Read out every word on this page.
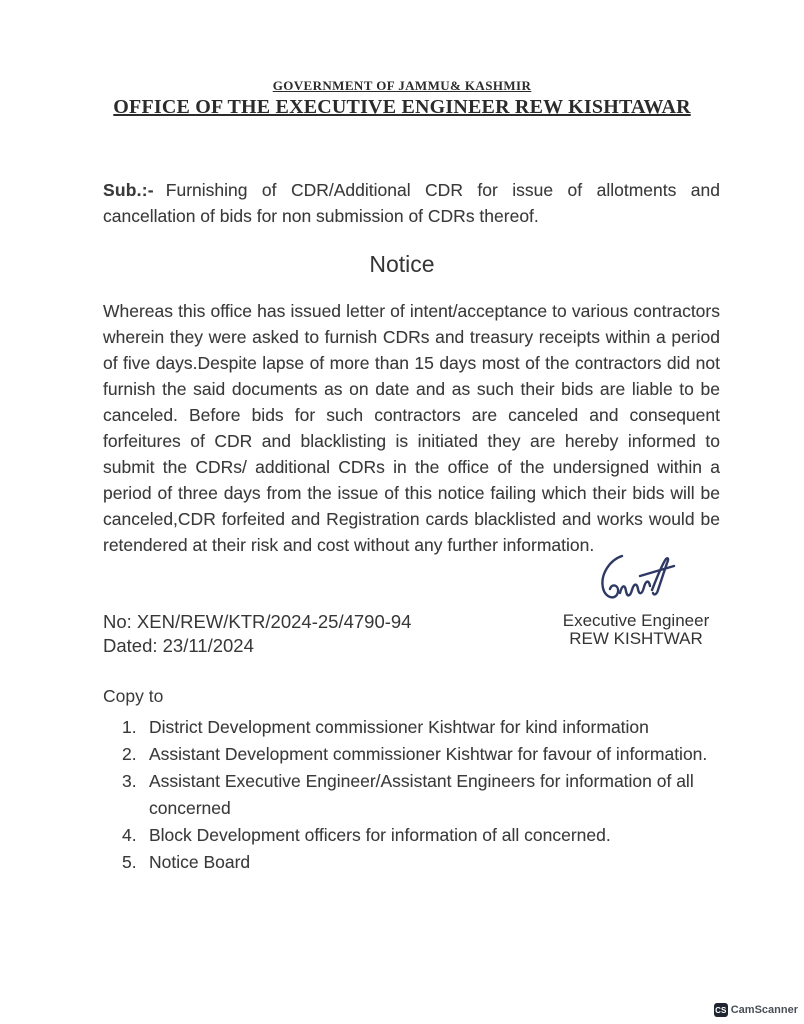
GOVERNMENT OF JAMMU& KASHMIR
OFFICE OF THE EXECUTIVE ENGINEER REW KISHTAWAR

Sub.:- Furnishing of CDR/Additional CDR for issue of allotments and cancellation of bids for non submission of CDRs thereof.

Notice

Whereas this office has issued letter of intent/acceptance to various contractors wherein they were asked to furnish CDRs and treasury receipts within a period of five days.Despite lapse of more than 15 days most of the contractors did not furnish the said documents as on date and as such their bids are liable to be canceled. Before bids for such contractors are canceled and consequent forfeitures of CDR and blacklisting is initiated they are hereby informed to submit the CDRs/ additional CDRs in the office of the undersigned within a period of three days from the issue of this notice failing which their bids will be canceled,CDR forfeited and Registration cards blacklisted and works would be retendered at their risk and cost without any further information.

Executive Engineer
REW KISHTWAR
No: XEN/REW/KTR/2024-25/4790-94
Dated: 23/11/2024
Copy to
1. District Development commissioner Kishtwar for kind information
2. Assistant Development commissioner Kishtwar for favour of information.
3. Assistant Executive Engineer/Assistant Engineers for information of all concerned
4. Block Development officers for information of all concerned.
5. Notice Board
CS CamScanner
